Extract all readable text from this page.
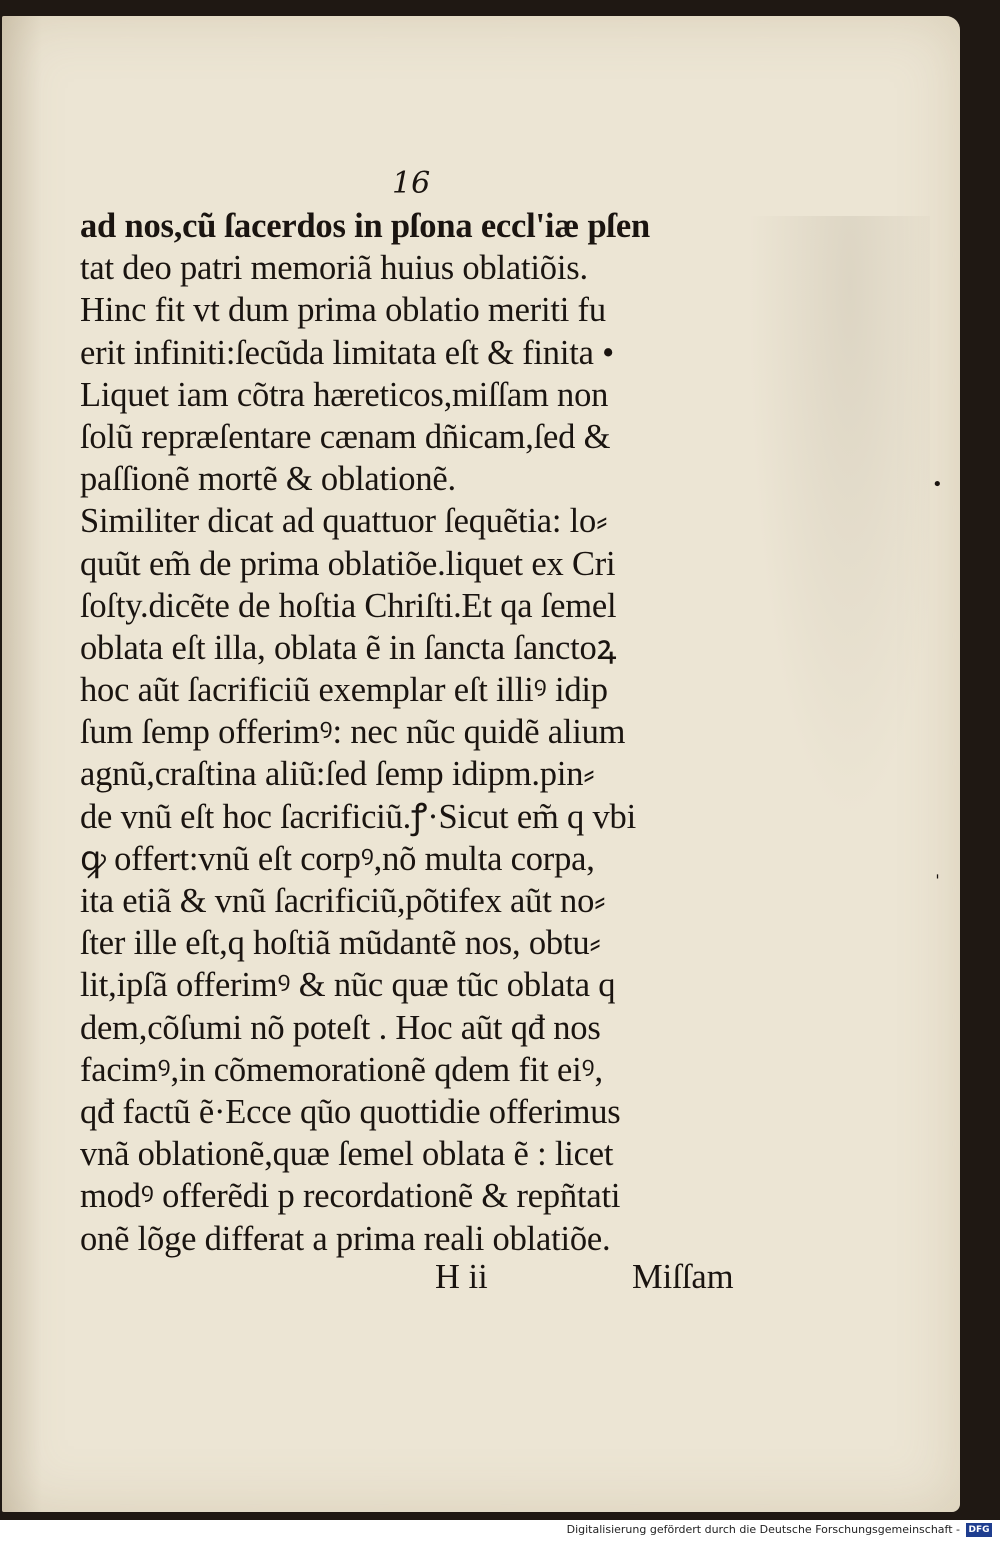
16
ad nos,cũ ſacerdos in pſona eccl'iæ pſen
tat deo patri memoriã huius oblatiõis.
Hinc fit vt dum prima oblatio meriti fu
erit infiniti:ſecũda limitata eſt & finita •
Liquet iam cõtra hæreticos,miſſam non
ſolũ repræſentare cænam dñicam,ſed &
paſſionẽ mortẽ & oblationẽ.
Similiter dicat ad quattuor ſequẽtia: lo⸗
quũt em̃ de prima oblatiõe.liquet ex Cri
ſoſty.dicẽte de hoſtia Chriſti.Et qa ſemel
oblata eſt illa, oblata ẽ in ſancta ſanctoꝝ
hoc aũt ſacrificiũ exemplar eſt illiꝰ idip
ſum ſemp offerimꝰ: nec nũc quidẽ alium
agnũ,craſtina aliũ:ſed ſemp idipm.pin⸗
de vnũ eſt hoc ſacrificiũ.ꝭ·Sicut em̃ q vbi
ꝙ offert:vnũ eſt corpꝰ,nõ multa corpa,
ita etiã & vnũ ſacrificiũ,põtifex aũt no⸗
ſter ille eſt,q hoſtiã mũdantẽ nos, obtu⸗
lit,ipſã offerimꝰ & nũc quæ tũc oblata q
dem,cõſumi nõ poteſt . Hoc aũt qđ nos
facimꝰ,in cõmemorationẽ qdem fit eiꝰ,
qđ factũ ẽ·Ecce qũo quottidie offerimus
vnã oblationẽ,quæ ſemel oblata ẽ : licet
modꝰ offerẽdi p recordationẽ & repñtati
onẽ lõge differat a prima reali oblatiõe.
H ii	Miſſam
•
ˈ
Digitalisierung gefördert durch die Deutsche Forschungsgemeinschaft - DFG
